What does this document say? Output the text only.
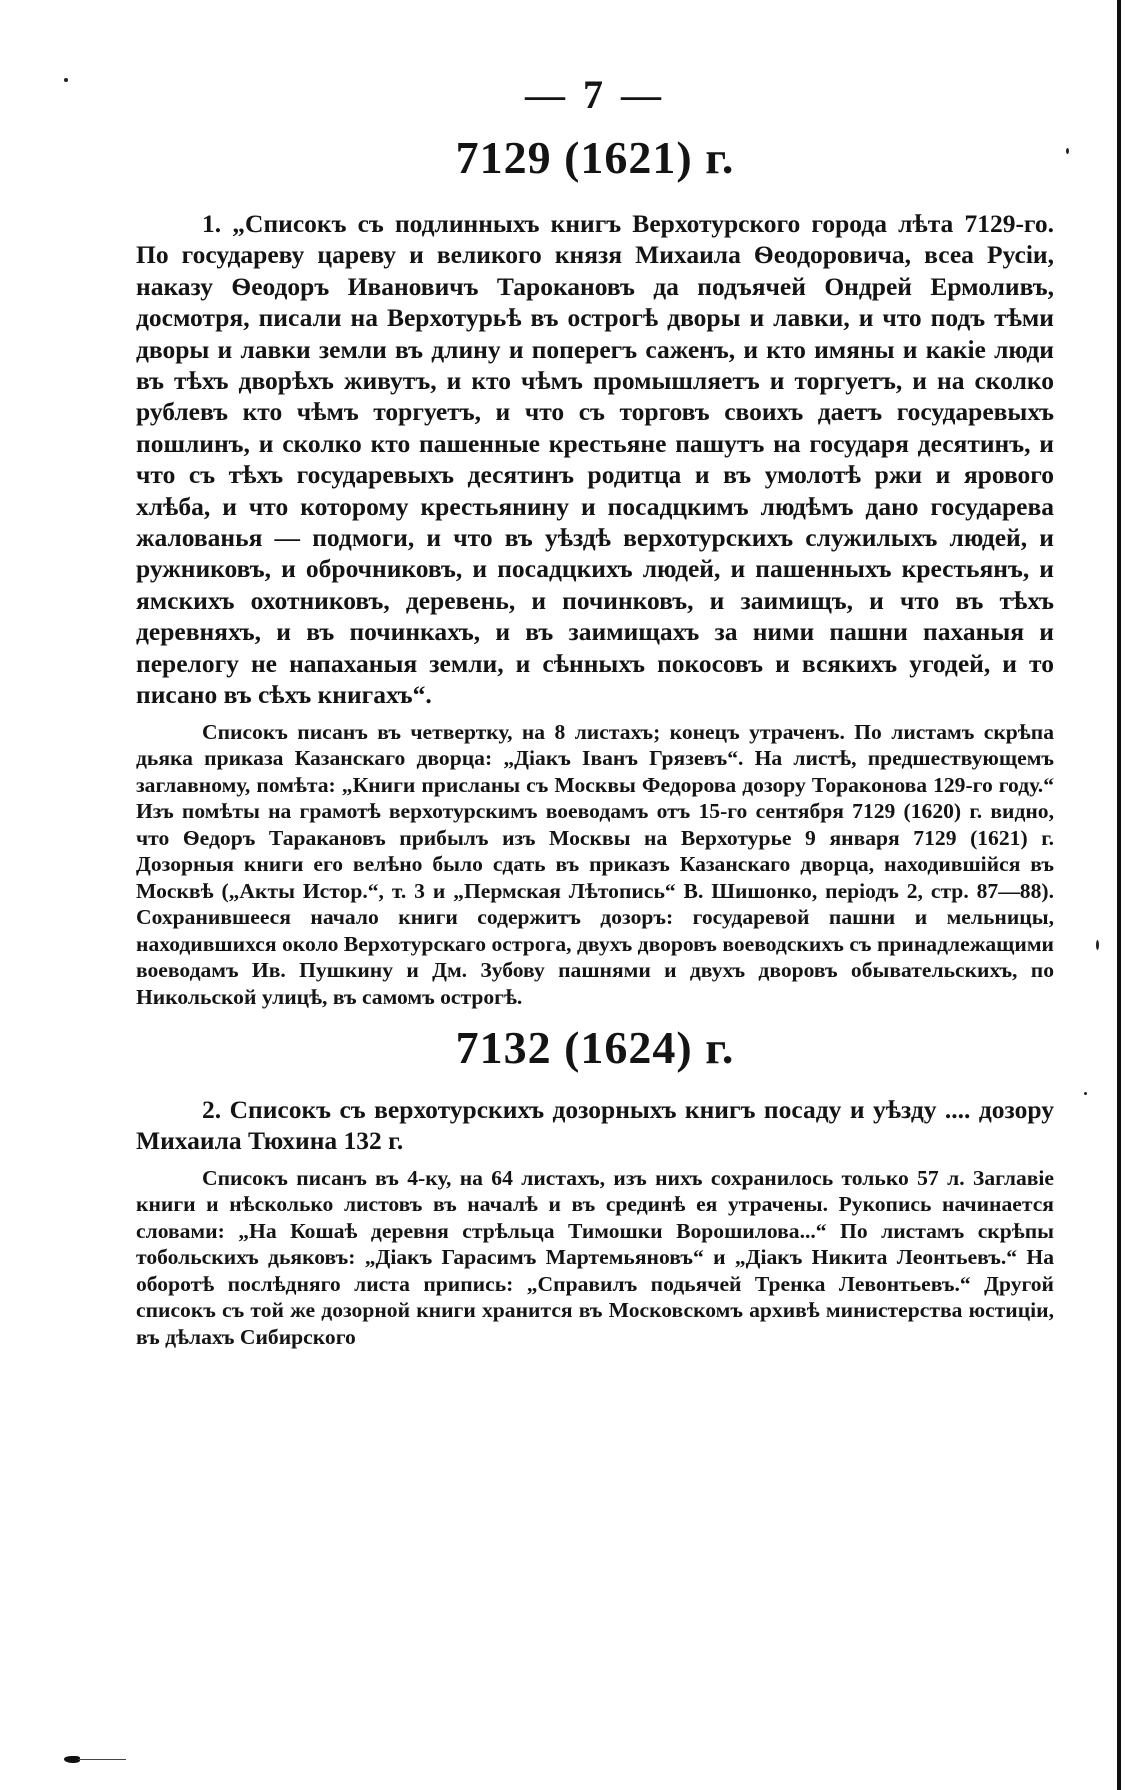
— 7 —
7129 (1621) г.

1. „Списокъ съ подлинныхъ книгъ Верхотурского города лѣта 7129-го. По государеву цареву и великого князя Михаила Ѳеодоровича, всеа Русіи, наказу Ѳеодоръ Ивановичъ Тарокановъ да подъячей Ондрей Ермоливъ, досмотря, писали на Верхотурьѣ въ острогѣ дворы и лавки, и что подъ тѣми дворы и лавки земли въ длину и поперегъ саженъ, и кто имяны и какіе люди въ тѣхъ дворѣхъ живутъ, и кто чѣмъ промышляетъ и торгуетъ, и на сколко рублевъ кто чѣмъ торгуетъ, и что съ торговъ своихъ даетъ государевыхъ пошлинъ, и сколко кто пашенные крестьяне пашутъ на государя десятинъ, и что съ тѣхъ государевыхъ десятинъ родитца и въ умолотѣ ржи и ярового хлѣба, и что которому крестьянину и посадцкимъ людѣмъ дано государева жалованья — подмоги, и что въ уѣздѣ верхотурскихъ служилыхъ людей, и ружниковъ, и оброчниковъ, и посадцкихъ людей, и пашенныхъ крестьянъ, и ямскихъ охотниковъ, деревень, и починковъ, и заимищъ, и что въ тѣхъ деревняхъ, и въ починкахъ, и въ заимищахъ за ними пашни паханыя и перелогу не напаханыя земли, и сѣнныхъ покосовъ и всякихъ угодей, и то писано въ сѣхъ книгахъ“.

Списокъ писанъ въ четвертку, на 8 листахъ; конецъ утраченъ. По листамъ скрѣпа дьяка приказа Казанскаго дворца: „Діакъ Іванъ Грязевъ“. На листѣ, предшествующемъ заглавному, помѣта: „Книги присланы съ Москвы Федорова дозору Тораконова 129-го году.“ Изъ помѣты на грамотѣ верхотурскимъ воеводамъ отъ 15-го сентября 7129 (1620) г. видно, что Ѳедоръ Таракановъ прибылъ изъ Москвы на Верхотурье 9 января 7129 (1621) г. Дозорныя книги его велѣно было сдать въ приказъ Казанскаго дворца, находившійся въ Москвѣ („Акты Истор.“, т. 3 и „Пермская Лѣтопись“ В. Шишонко, періодъ 2, стр. 87—88). Сохранившееся начало книги содержитъ дозоръ: государевой пашни и мельницы, находившихся около Верхотурскаго острога, двухъ дворовъ воеводскихъ съ принадлежащими воеводамъ Ив. Пушкину и Дм. Зубову пашнями и двухъ дворовъ обывательскихъ, по Никольской улицѣ, въ самомъ острогѣ.

7132 (1624) г.

2. Списокъ съ верхотурскихъ дозорныхъ книгъ посаду и уѣзду .... дозору Михаила Тюхина 132 г.

Списокъ писанъ въ 4-ку, на 64 листахъ, изъ нихъ сохранилось только 57 л. Заглавіе книги и нѣсколько листовъ въ началѣ и въ срединѣ ея утрачены. Рукопись начинается словами: „На Кошаѣ деревня стрѣльца Тимошки Ворошилова...“ По листамъ скрѣпы тобольскихъ дьяковъ: „Діакъ Гарасимъ Мартемьяновъ“ и „Діакъ Никита Леонтьевъ.“ На оборотѣ послѣдняго листа припись: „Справилъ подьячей Тренка Левонтьевъ.“ Другой списокъ съ той же дозорной книги хранится въ Московскомъ архивѣ министерства юстиціи, въ дѣлахъ Сибирского
